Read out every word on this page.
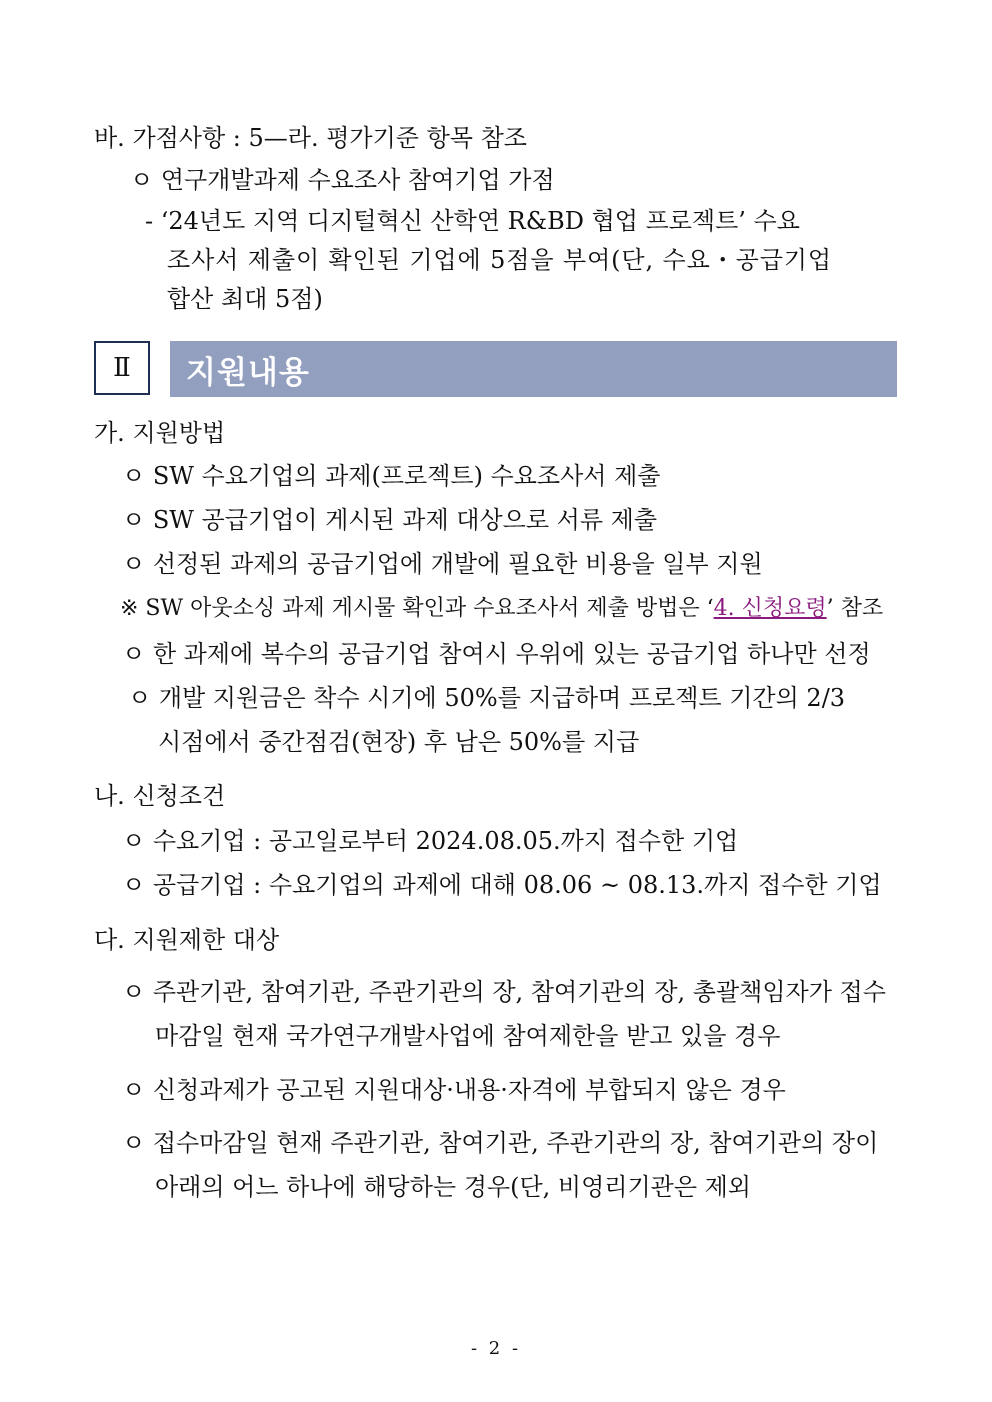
바. 가점사항 : 5—라. 평가기준 항목 참조
ㅇ 연구개발과제 수요조사 참여기업 가점
- ‘24년도 지역 디지털혁신 산학연 R&BD 협업 프로젝트’ 수요
조사서 제출이 확인된 기업에 5점을 부여(단, 수요・공급기업
합산 최대 5점)
Ⅱ 지원내용
가. 지원방법
ㅇ SW 수요기업의 과제(프로젝트) 수요조사서 제출
ㅇ SW 공급기업이 게시된 과제 대상으로 서류 제출
ㅇ 선정된 과제의 공급기업에 개발에 필요한 비용을 일부 지원
※ SW 아웃소싱 과제 게시물 확인과 수요조사서 제출 방법은 ‘4. 신청요령’ 참조
ㅇ 한 과제에 복수의 공급기업 참여시 우위에 있는 공급기업 하나만 선정
ㅇ 개발 지원금은 착수 시기에 50%를 지급하며 프로젝트 기간의 2/3
시점에서 중간점검(현장) 후 남은 50%를 지급
나. 신청조건
ㅇ 수요기업 : 공고일로부터 2024.08.05.까지 접수한 기업
ㅇ 공급기업 : 수요기업의 과제에 대해 08.06 ~ 08.13.까지 접수한 기업
다. 지원제한 대상
ㅇ 주관기관, 참여기관, 주관기관의 장, 참여기관의 장, 총괄책임자가 접수
마감일 현재 국가연구개발사업에 참여제한을 받고 있을 경우
ㅇ 신청과제가 공고된 지원대상·내용·자격에 부합되지 않은 경우
ㅇ 접수마감일 현재 주관기관, 참여기관, 주관기관의 장, 참여기관의 장이
아래의 어느 하나에 해당하는 경우(단, 비영리기관은 제외
- 2 -
